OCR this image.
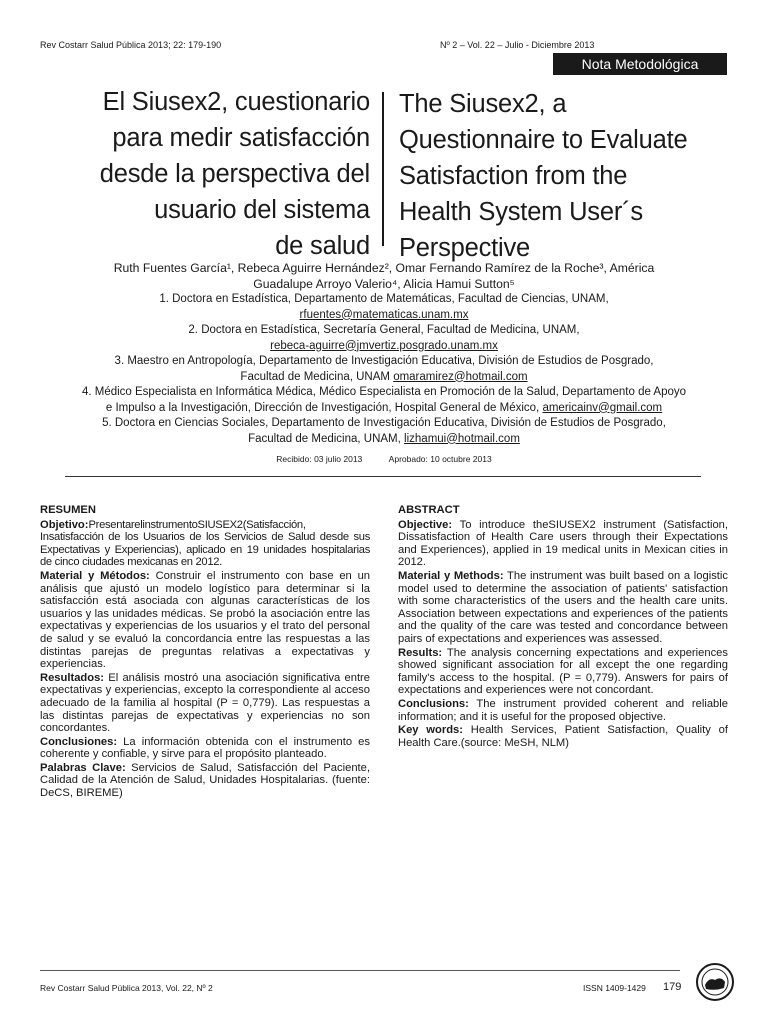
Rev Costarr Salud Pública 2013; 22: 179-190	Nº 2 – Vol. 22 – Julio - Diciembre 2013
Nota Metodológica
El Siusex2, cuestionario
para medir satisfacción
desde la perspectiva del
usuario del sistema
de salud
The Siusex2, a
Questionnaire to Evaluate
Satisfaction from the
Health System User´s
Perspective
Ruth Fuentes García¹, Rebeca Aguirre Hernández², Omar Fernando Ramírez de la Roche³, América
Guadalupe Arroyo Valerio⁴, Alicia Hamui Sutton⁵

1. Doctora en Estadística, Departamento de Matemáticas, Facultad de Ciencias, UNAM,

rfuentes@matematicas.unam.mx

2. Doctora en Estadística, Secretaría General, Facultad de Medicina, UNAM,

rebeca-aguirre@jmvertiz.posgrado.unam.mx

3. Maestro en Antropología, Departamento de Investigación Educativa, División de Estudios de Posgrado,

Facultad de Medicina, UNAM omaramirez@hotmail.com

4. Médico Especialista en Informática Médica, Médico Especialista en Promoción de la Salud, Departamento de Apoyo

e Impulso a la Investigación, Dirección de Investigación, Hospital General de México, americainv@gmail.com

5. Doctora en Ciencias Sociales, Departamento de Investigación Educativa, División de Estudios de Posgrado,

Facultad de Medicina, UNAM, lizhamui@hotmail.com

Recibido: 03 julio 2013	Aprobado: 10 octubre 2013
RESUMEN

Objetivo:PresentarelinstrumentoSIUSEX2(Satisfacción, Insatisfacción de los Usuarios de los Servicios de Salud desde sus Expectativas y Experiencias), aplicado en 19 unidades hospitalarias de cinco ciudades mexicanas en 2012.

Material y Métodos: Construir el instrumento con base en un análisis que ajustó un modelo logístico para determinar si la satisfacción está asociada con algunas características de los usuarios y las unidades médicas. Se probó la asociación entre las expectativas y experiencias de los usuarios y el trato del personal de salud y se evaluó la concordancia entre las respuestas a las distintas parejas de preguntas relativas a expectativas y experiencias.

Resultados: El análisis mostró una asociación significativa entre expectativas y experiencias, excepto la correspondiente al acceso adecuado de la familia al hospital (P = 0,779). Las respuestas a las distintas parejas de expectativas y experiencias no son concordantes.

Conclusiones: La información obtenida con el instrumento es coherente y confiable, y sirve para el propósito planteado.

Palabras Clave: Servicios de Salud, Satisfacción del Paciente, Calidad de la Atención de Salud, Unidades Hospitalarias. (fuente: DeCS, BIREME)

ABSTRACT

Objective: To introduce theSIUSEX2 instrument (Satisfaction, Dissatisfaction of Health Care users through their Expectations and Experiences), applied in 19 medical units in Mexican cities in 2012.

Material y Methods: The instrument was built based on a logistic model used to determine the association of patients' satisfaction with some characteristics of the users and the health care units. Association between expectations and experiences of the patients and the quality of the care was tested and concordance between pairs of expectations and experiences was assessed.

Results: The analysis concerning expectations and experiences showed significant association for all except the one regarding family's access to the hospital. (P = 0,779). Answers for pairs of expectations and experiences were not concordant.

Conclusions: The instrument provided coherent and reliable information; and it is useful for the proposed objective.

Key words: Health Services, Patient Satisfaction, Quality of Health Care.(source: MeSH, NLM)

Rev Costarr Salud Pública 2013, Vol. 22, Nº 2	ISSN 1409-1429 179
